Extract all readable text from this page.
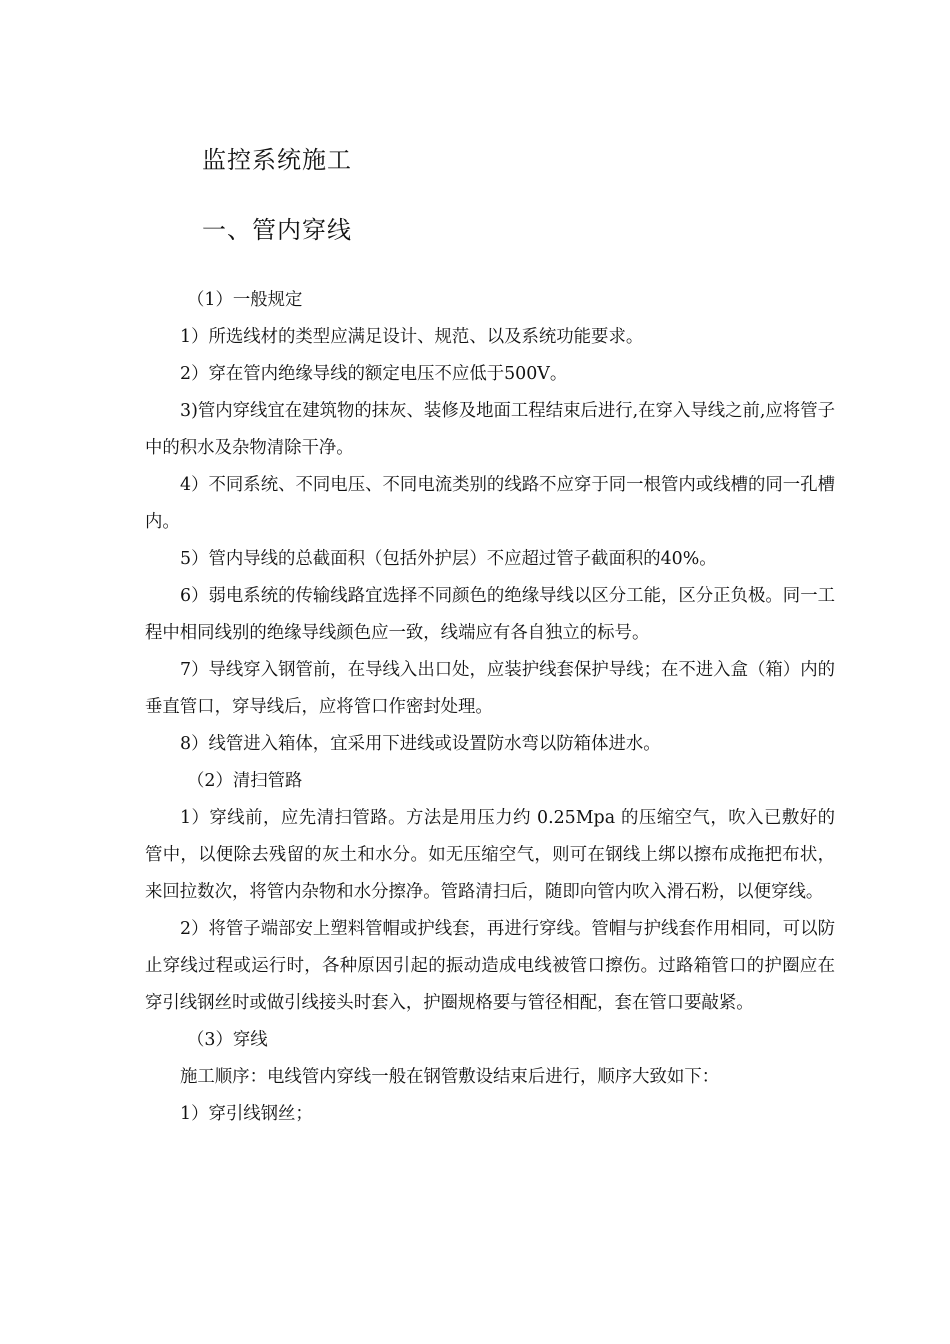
监控系统施工
一、管内穿线

（1）一般规定

1）所选线材的类型应满足设计、规范、以及系统功能要求。

2）穿在管内绝缘导线的额定电压不应低于500V。

3)管内穿线宜在建筑物的抹灰、装修及地面工程结束后进行,在穿入导线之前,应将管子中的积水及杂物清除干净。

4）不同系统、不同电压、不同电流类别的线路不应穿于同一根管内或线槽的同一孔槽内。

5）管内导线的总截面积（包括外护层）不应超过管子截面积的40%。

6）弱电系统的传输线路宜选择不同颜色的绝缘导线以区分工能，区分正负极。同一工程中相同线别的绝缘导线颜色应一致，线端应有各自独立的标号。

7）导线穿入钢管前，在导线入出口处，应装护线套保护导线；在不进入盒（箱）内的垂直管口，穿导线后，应将管口作密封处理。

8）线管进入箱体，宜采用下进线或设置防水弯以防箱体进水。

（2）清扫管路

1）穿线前，应先清扫管路。方法是用压力约 0.25Mpa 的压缩空气，吹入已敷好的管中，以便除去残留的灰土和水分。如无压缩空气，则可在钢线上绑以擦布成拖把布状，来回拉数次，将管内杂物和水分擦净。管路清扫后，随即向管内吹入滑石粉，以便穿线。

2）将管子端部安上塑料管帽或护线套，再进行穿线。管帽与护线套作用相同，可以防止穿线过程或运行时，各种原因引起的振动造成电线被管口擦伤。过路箱管口的护圈应在穿引线钢丝时或做引线接头时套入，护圈规格要与管径相配，套在管口要敲紧。

（3）穿线

施工顺序：电线管内穿线一般在钢管敷设结束后进行，顺序大致如下：

1）穿引线钢丝；
